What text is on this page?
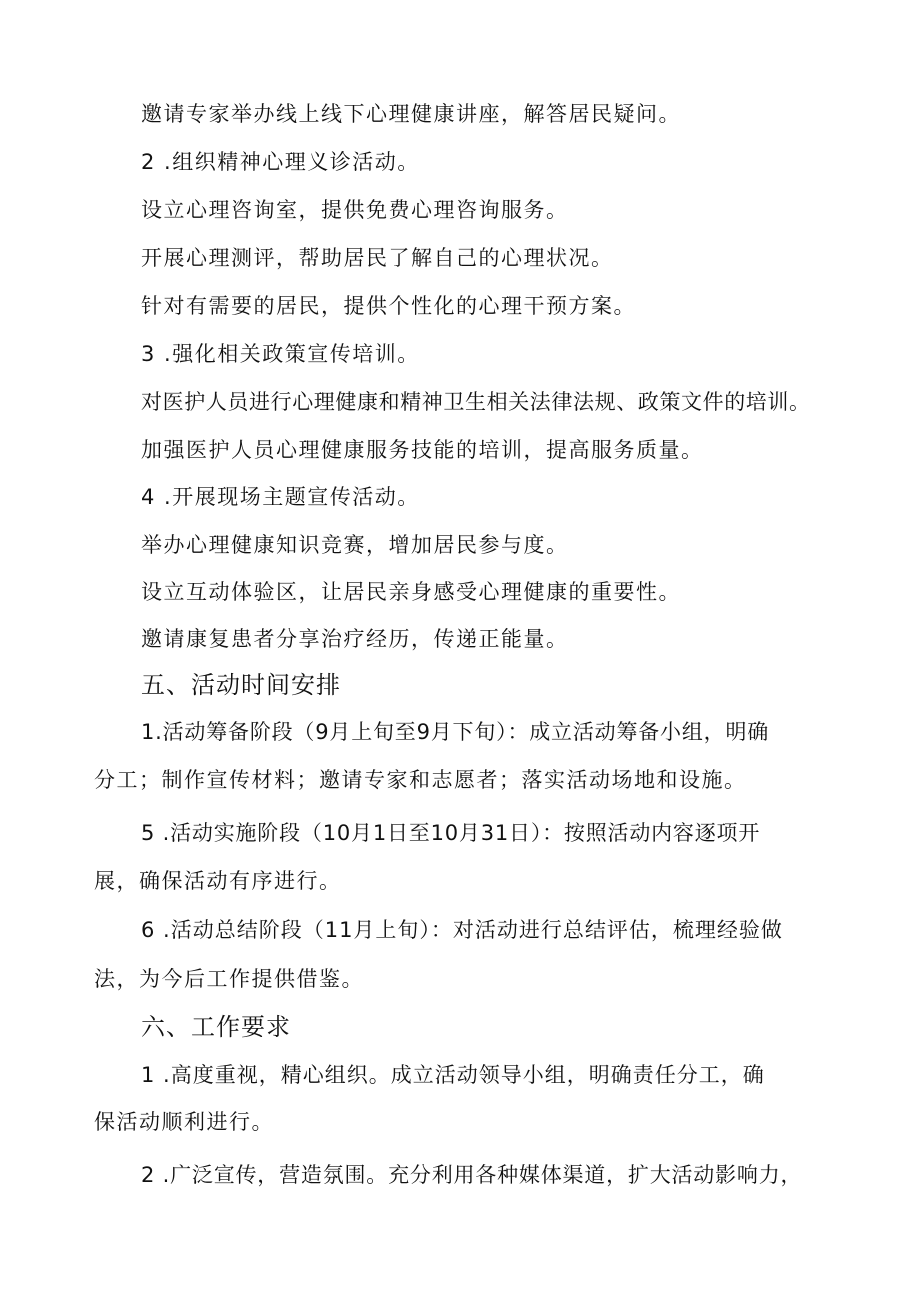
邀请专家举办线上线下心理健康讲座，解答居民疑问。
2 .组织精神心理义诊活动。
设立心理咨询室，提供免费心理咨询服务。
开展心理测评，帮助居民了解自己的心理状况。
针对有需要的居民，提供个性化的心理干预方案。
3 .强化相关政策宣传培训。
对医护人员进行心理健康和精神卫生相关法律法规、政策文件的培训。
加强医护人员心理健康服务技能的培训，提高服务质量。
4 .开展现场主题宣传活动。
举办心理健康知识竞赛，增加居民参与度。
设立互动体验区，让居民亲身感受心理健康的重要性。
邀请康复患者分享治疗经历，传递正能量。
五、活动时间安排
1.活动筹备阶段（9月上旬至9月下旬）：成立活动筹备小组，明确
分工；制作宣传材料；邀请专家和志愿者；落实活动场地和设施。
5 .活动实施阶段（10月1日至10月31日）：按照活动内容逐项开
展，确保活动有序进行。
6 .活动总结阶段（11月上旬）：对活动进行总结评估，梳理经验做
法，为今后工作提供借鉴。
六、工作要求
1 .高度重视，精心组织。成立活动领导小组，明确责任分工，确
保活动顺利进行。
2 .广泛宣传，营造氛围。充分利用各种媒体渠道，扩大活动影响力，
